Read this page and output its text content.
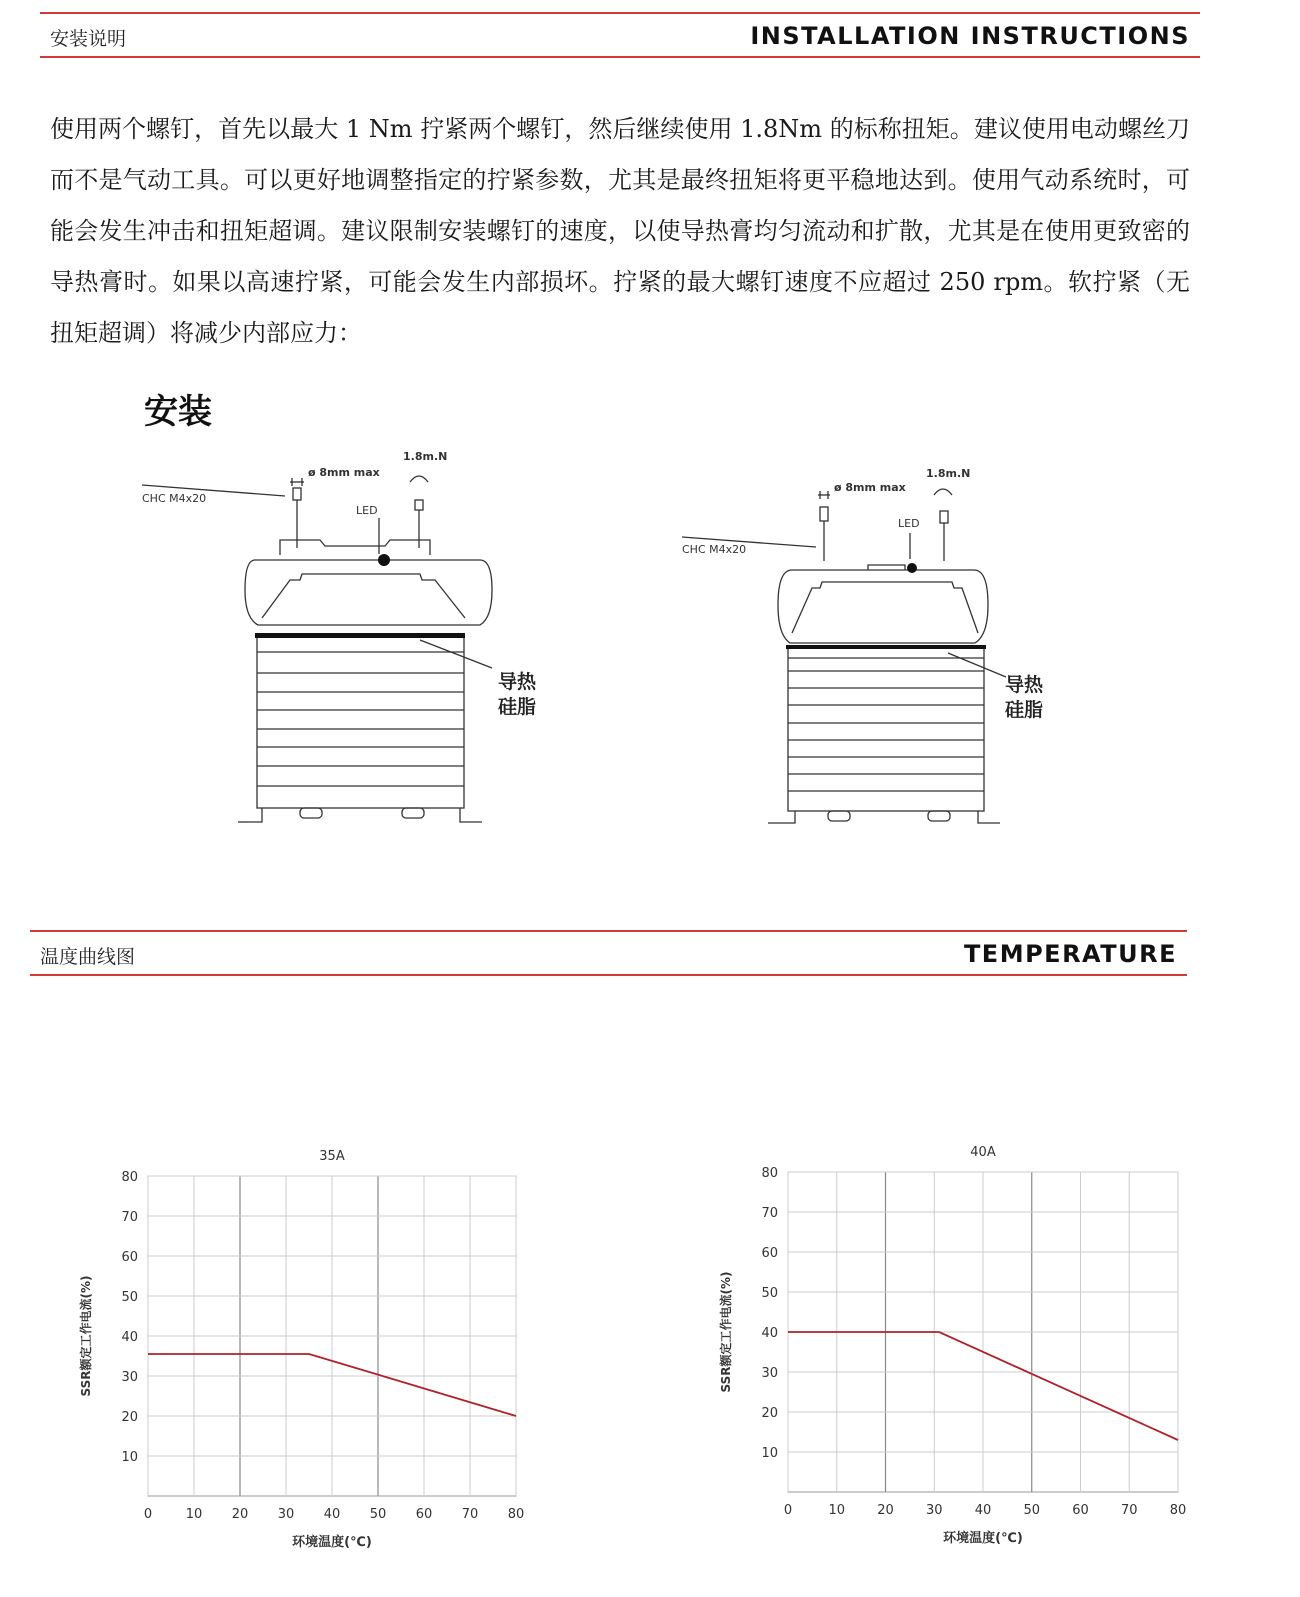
安装说明	INSTALLATION INSTRUCTIONS

使用两个螺钉，首先以最大 1 Nm 拧紧两个螺钉，然后继续使用 1.8Nm 的标称扭矩。建议使用电动螺丝刀而不是气动工具。可以更好地调整指定的拧紧参数，尤其是最终扭矩将更平稳地达到。使用气动系统时，可能会发生冲击和扭矩超调。建议限制安装螺钉的速度，以使导热膏均匀流动和扩散，尤其是在使用更致密的导热膏时。如果以高速拧紧，可能会发生内部损坏。拧紧的最大螺钉速度不应超过 250 rpm。软拧紧（无扭矩超调）将减少内部应力：

安装
CHC M4x20
ø 8mm max
1.8m.N
LED
导热
硅脂
CHC M4x20
ø 8mm max
1.8m.N
LED
导热
硅脂
温度曲线图	TEMPERATURE
35A
0	10 20 30 40 50 60 70 80
10
20
30
40
50
60
70
80
环境温度(℃)
SSR额定工作电流(%)
40A
0	10 20 30 40 50 60 70 80
10
20
30
40
50
60
70
80
环境温度(℃)
SSR额定工作电流(%)
